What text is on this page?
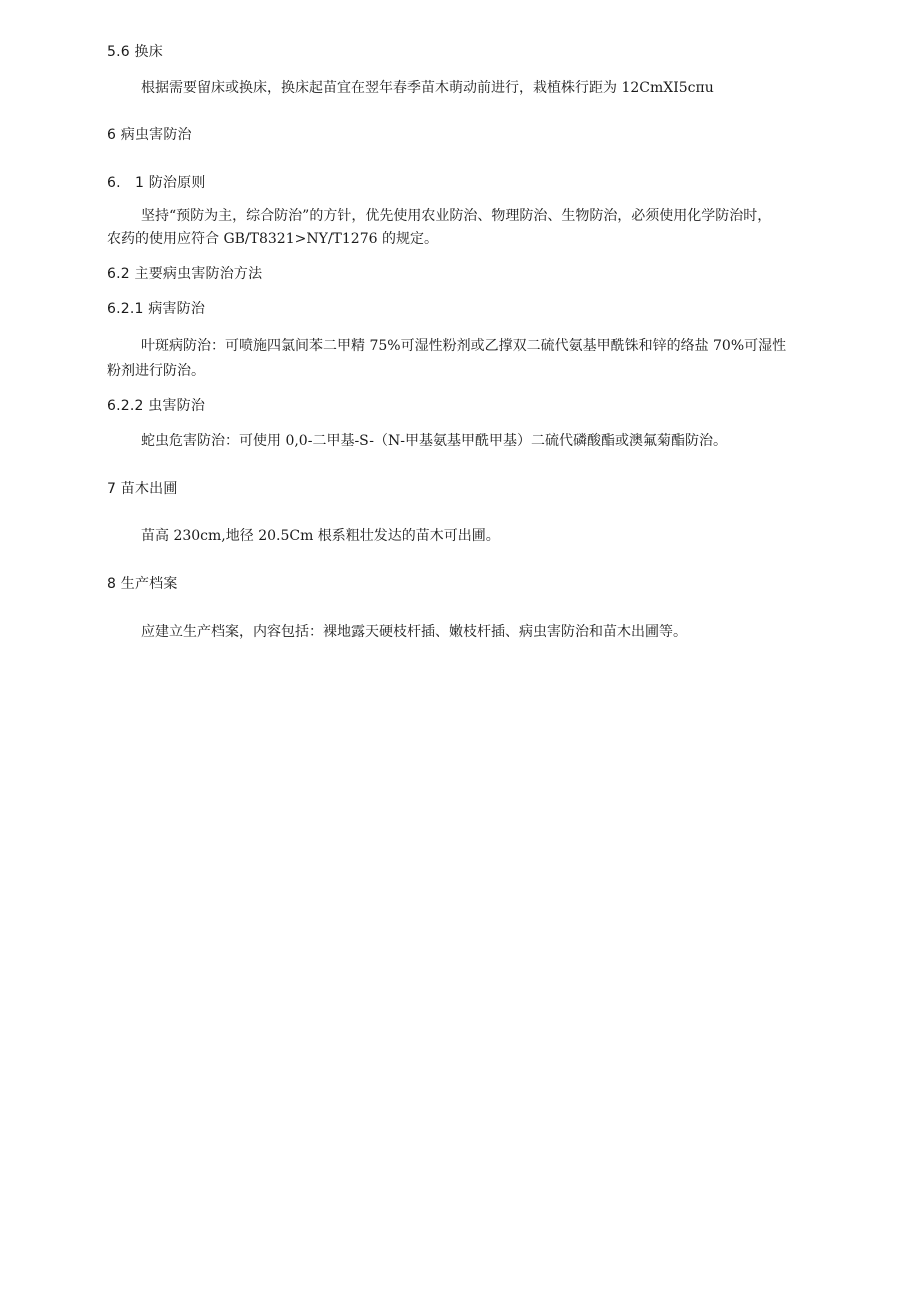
5.6 换床
根据需要留床或换床，换床起苗宜在翌年春季苗木萌动前进行，栽植株行距为 12CmXI5cπu
6 病虫害防治
6.　1 防治原则
坚持“预防为主，综合防治”的方针，优先使用农业防治、物理防治、生物防治，必须使用化学防治时，
农药的使用应符合 GB/T8321>NY/T1276 的规定。
6.2 主要病虫害防治方法
6.2.1 病害防治
叶斑病防治：可喷施四氯间苯二甲精 75%可湿性粉剂或乙撑双二硫代氨基甲酰铢和锌的络盐 70%可湿性
粉剂进行防治。
6.2.2 虫害防治
蛇虫危害防治：可使用 0,0-二甲基-S-（N-甲基氨基甲酰甲基）二硫代磷酸酯或澳氟菊酯防治。
7 苗木出圃
苗高 230cm,地径 20.5Cm 根系粗壮发达的苗木可出圃。
8 生产档案
应建立生产档案，内容包括：裸地露天硬枝杆插、嫩枝杆插、病虫害防治和苗木出圃等。
